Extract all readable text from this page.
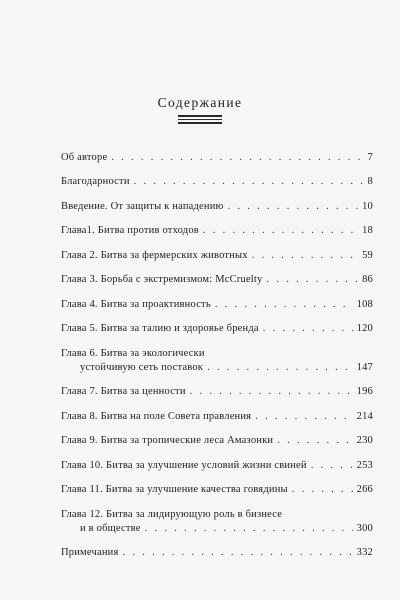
Содержание
Об авторе . . .	7
Благодарности . . .	8
Введение. От защиты к нападению . . .	10
Глава1. Битва против отходов . . .	18
Глава 2. Битва за фермерских животных . . .	59
Глава 3. Борьба с экстремизмом: McCruelty . . .	86
Глава 4. Битва за проактивность . . .	108
Глава 5. Битва за талию и здоровье бренда . . .	120
Глава 6. Битва за экологически
устойчивую сеть поставок . . .	147
Глава 7. Битва за ценности . . .	196
Глава 8. Битва на поле Совета правления . . .	214
Глава 9. Битва за тропические леса Амазонки . . .	230
Глава 10. Битва за улучшение условий жизни свиней . . .	253
Глава 11. Битва за улучшение качества говядины . . .	266
Глава 12. Битва за лидирующую роль в бизнесе
и в обществе . . .	300
Примечания . . .	332
